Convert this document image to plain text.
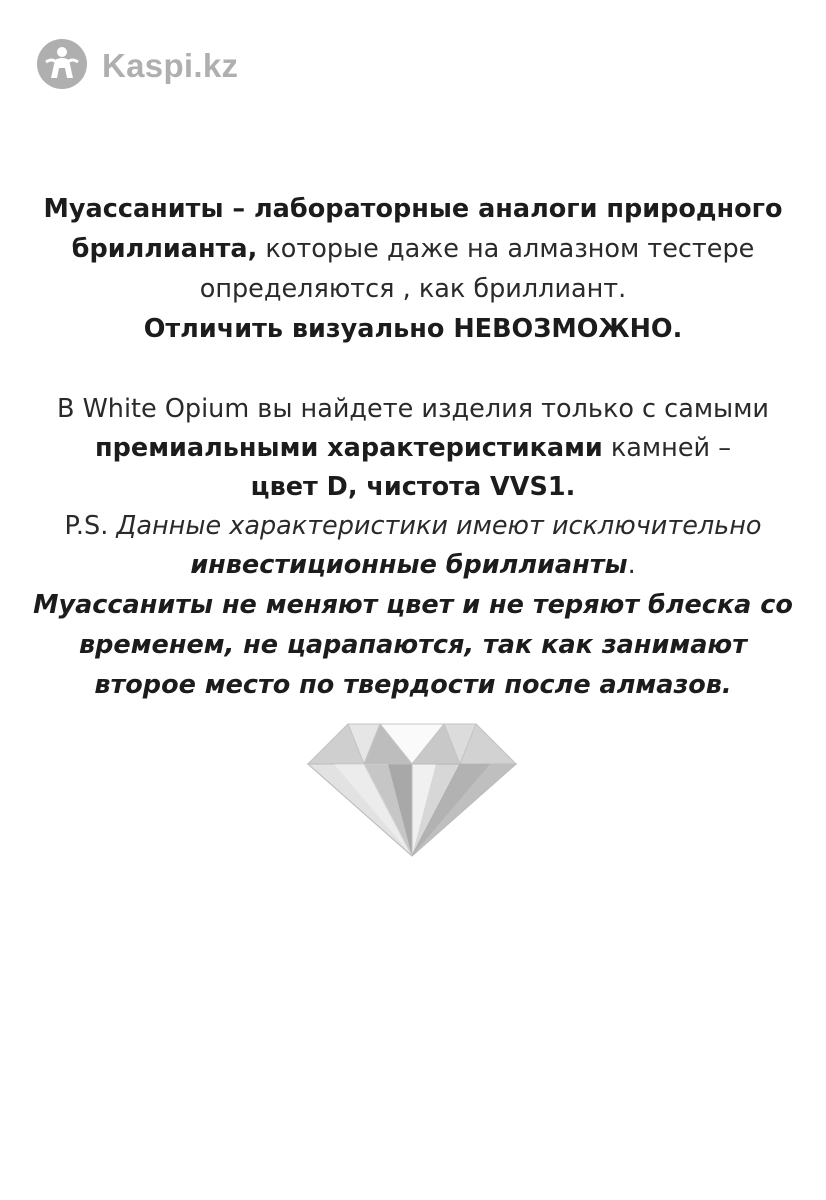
Kaspi.kz
Муассаниты – лабораторные аналоги природного
бриллианта, которые даже на алмазном тестере
определяются , как бриллиант.
Отличить визуально НЕВОЗМОЖНО.
В White Opium вы найдете изделия только с самыми
премиальными характеристиками камней –
цвет D, чистота VVS1.
P.S. Данные характеристики имеют исключительно
инвестиционные бриллианты.
Муассаниты не меняют цвет и не теряют блеска со
временем, не царапаются, так как занимают
второе место по твердости после алмазов.
